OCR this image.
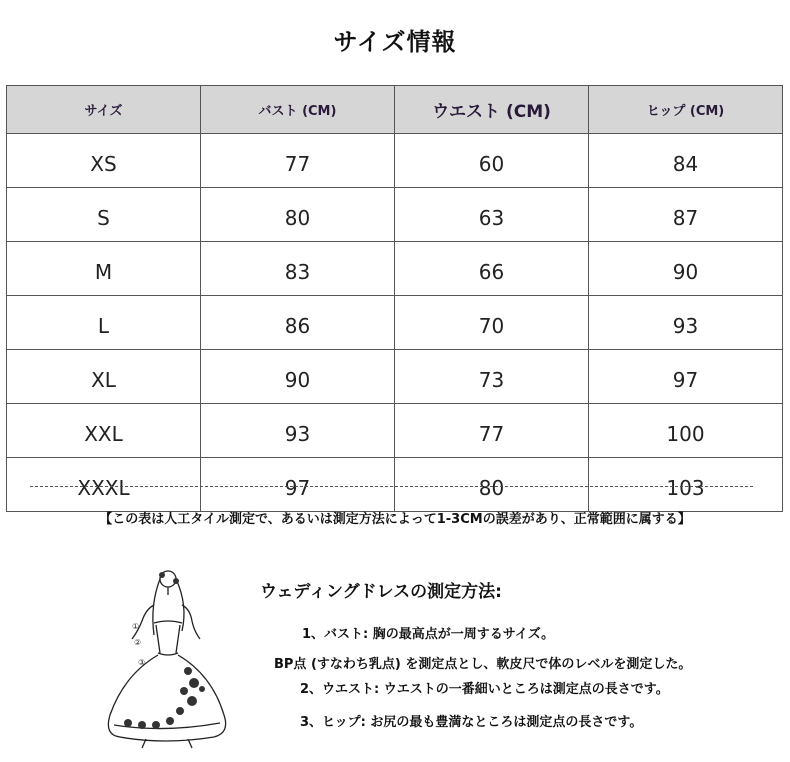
サイズ情報
サイズ	バスト (CM)	ウエスト (CM)	ヒップ (CM)
XS	77	60	84
S	80	63	87
M	83	66	90
L	86	70	93
XL	90	73	97
XXL	93	77	100
XXXL	97	80	103
【この表は人工タイル測定で、あるいは測定方法によって1-3CMの誤差があり、正常範囲に属する】
①
②
③
ウェディングドレスの測定方法:
1、バスト: 胸の最高点が一周するサイズ。
BP点 (すなわち乳点) を測定点とし、軟皮尺で体のレベルを測定した。
2、ウエスト: ウエストの一番細いところは測定点の長さです。
3、ヒップ: お尻の最も豊満なところは測定点の長さです。
